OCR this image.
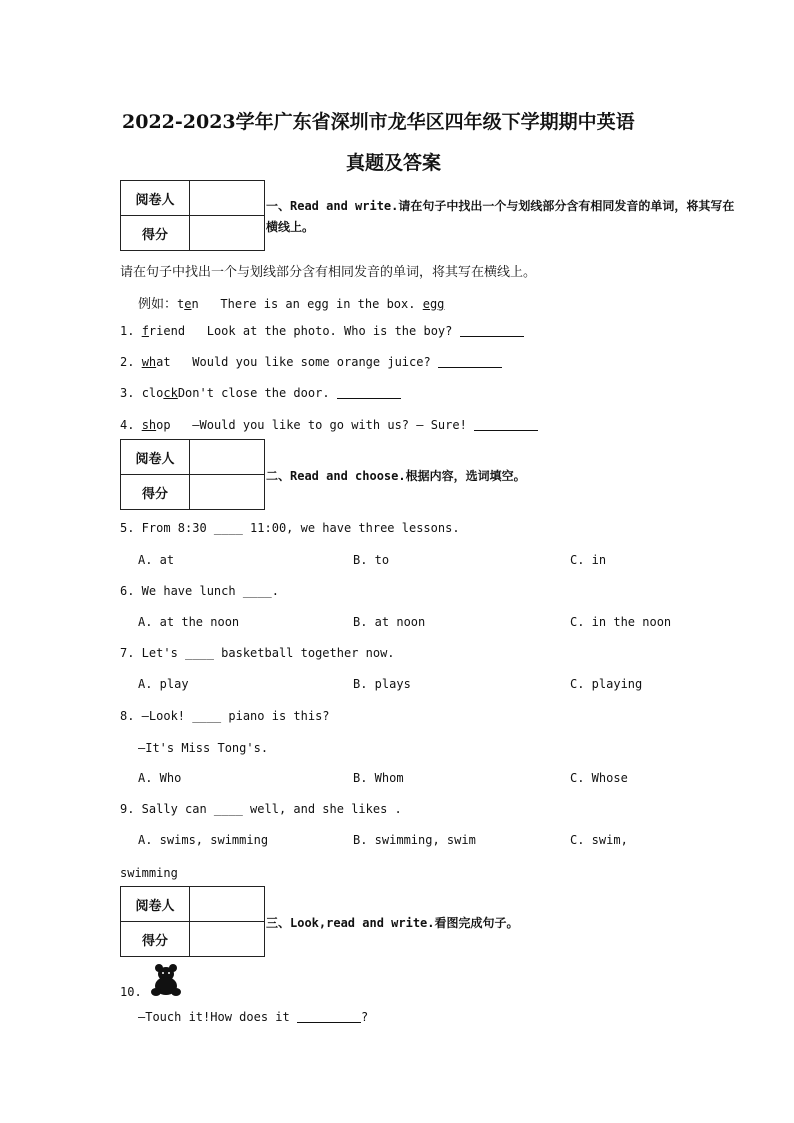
2022-2023学年广东省深圳市龙华区四年级下学期期中英语
真题及答案
阅卷人	
得分	
一、Read and write.请在句子中找出一个与划线部分含有相同发音的单词，将其写在
横线上。
请在句子中找出一个与划线部分含有相同发音的单词，将其写在横线上。
例如：ten There is an egg in the box. egg
1. friend Look at the photo. Who is the boy?
2. what Would you like some orange juice?
3. clockDon't close the door.
4. shop —Would you like to go with us? — Sure!
阅卷人	
得分	
二、Read and choose.根据内容，选词填空。
5. From 8:30 ____ 11:00, we have three lessons.
A. at	B. to	C. in
6. We have lunch ____.
A. at the noon	B. at noon	C. in the noon
7. Let's ____ basketball together now.
A. play	B. plays	C. playing
8. —Look! ____ piano is this?
—It's Miss Tong's.
A. Who	B. Whom	C. Whose
9. Sally can ____ well, and she likes .
A. swims, swimming	B. swimming, swim	C. swim,
swimming
阅卷人	
得分	
三、Look,read and write.看图完成句子。
10.
—Touch it!How does it	?
